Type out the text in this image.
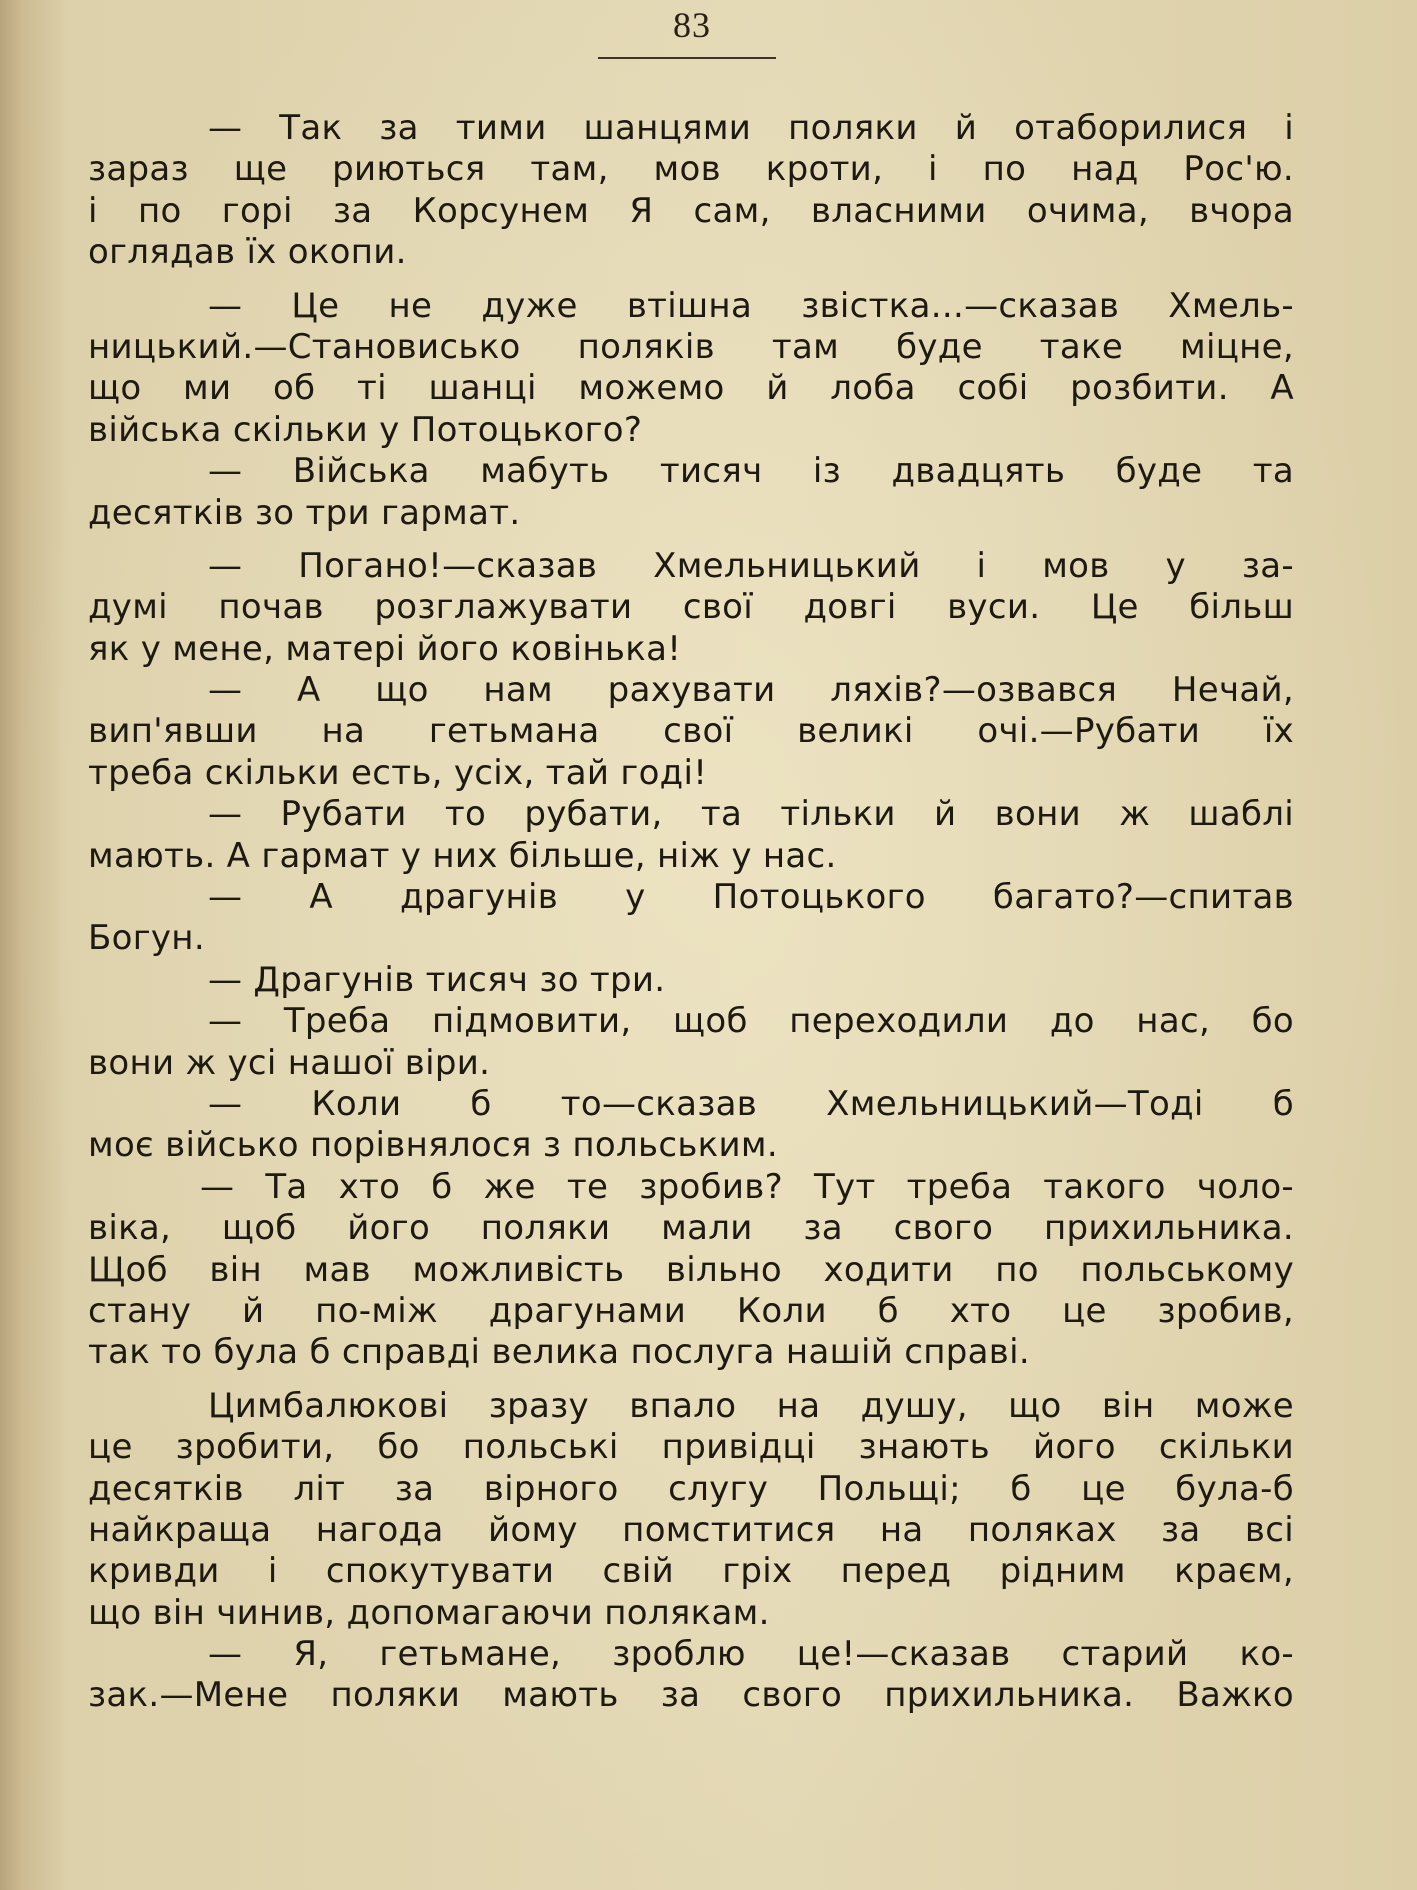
83
— Так за тими шанцями поляки й отаборилися і
зараз ще риються там, мов кроти, і по над Рос'ю.
і по горі за Корсунем Я сам, власними очима, вчора
оглядав їх окопи.
— Це не дуже втішна звістка...—сказав Хмель-
ницький.—Становисько поляків там буде таке міцне,
що ми об ті шанці можемо й лоба собі розбити. А
війська скільки у Потоцького?
— Війська мабуть тисяч із двадцять буде та
десятків зо три гармат.
— Погано!—сказав Хмельницький і мов у за-
думі почав розглажувати свої довгі вуси. Це більш
як у мене, матері його ковінька!
— А що нам рахувати ляхів?—озвався Нечай,
вип'явши на гетьмана свої великі очі.—Рубати їх
треба скільки есть, усіх, тай годі!
— Рубати то рубати, та тільки й вони ж шаблі
мають. А гармат у них більше, ніж у нас.
— А драгунів у Потоцького багато?—спитав
Богун.
— Драгунів тисяч зо три.
— Треба підмовити, щоб переходили до нас, бо
вони ж усі нашої віри.
— Коли б то—сказав Хмельницький—Тоді б
моє військо порівнялося з польським.
— Та хто б же те зробив? Тут треба такого чоло-
віка, щоб його поляки мали за свого прихильника.
Щоб він мав можливість вільно ходити по польському
стану й по-між драгунами Коли б хто це зробив,
так то була б справді велика послуга нашій справі.
Цимбалюкові зразу впало на душу, що він може
це зробити, бо польські привідці знають його скільки
десятків літ за вірного слугу Польщі; б це була-б
найкраща нагода йому помститися на поляках за всі
кривди і спокутувати свій гріх перед рідним краєм,
що він чинив, допомагаючи полякам.
— Я, гетьмане, зроблю це!—сказав старий ко-
зак.—Мене поляки мають за свого прихильника. Важко
